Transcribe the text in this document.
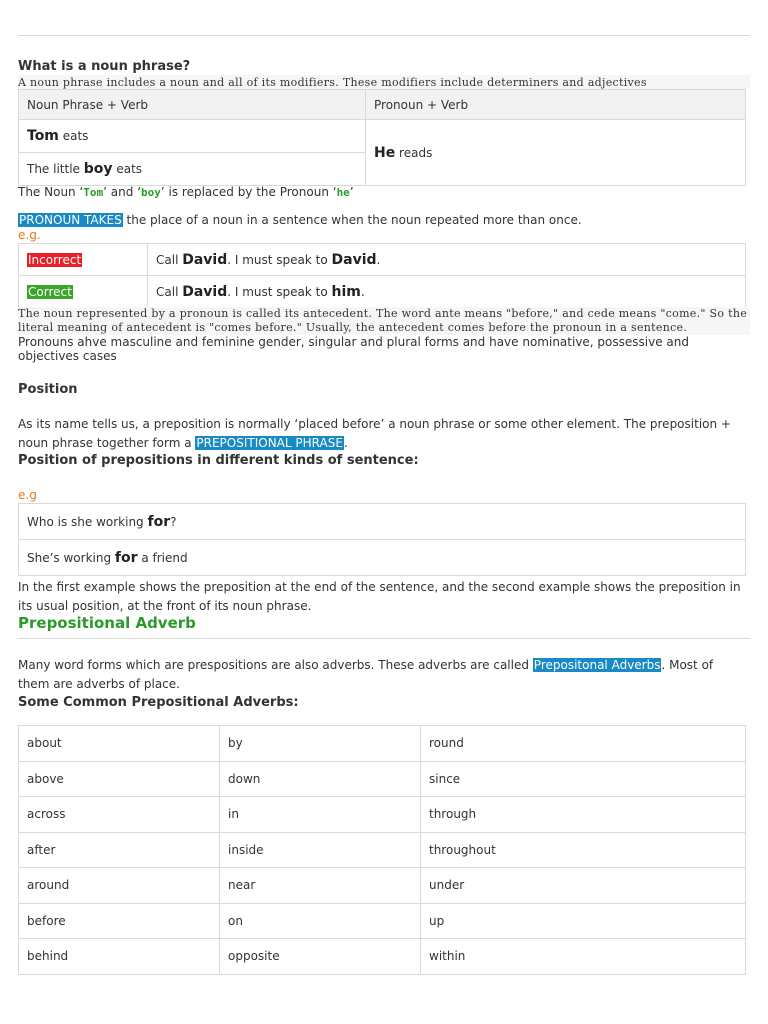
What is a noun phrase?
A noun phrase includes a noun and all of its modifiers. These modifiers include determiners and adjectives
Noun Phrase + Verb	Pronoun + Verb
Tom eats	He reads
The little boy eats	

The Noun ‘Tom’ and ‘boy’ is replaced by the Pronoun ‘he’

PRONOUN TAKES the place of a noun in a sentence when the noun repeated more than once.

e.g.

Incorrect	Call David. I must speak to David.
Correct	Call David. I must speak to him.
The noun represented by a pronoun is called its antecedent. The word ante means "before," and cede means "come." So the literal meaning of antecedent is "comes before." Usually, the antecedent comes before the pronoun in a sentence.

Pronouns ahve masculine and feminine gender, singular and plural forms and have nominative, possessive and objectives cases

Position

As its name tells us, a preposition is normally ‘placed before’ a noun phrase or some other element. The preposition + noun phrase together form a PREPOSITIONAL PHRASE.

Position of prepositions in different kinds of sentence:

e.g

Who is she working for?
She’s working for a friend

In the first example shows the preposition at the end of the sentence, and the second example shows the preposition in its usual position, at the front of its noun phrase.

Prepositional Adverb

Many word forms which are prespositions are also adverbs. These adverbs are called Prepositonal Adverbs. Most of them are adverbs of place.

Some Common Prepositional Adverbs:
about	by	round
above	down	since
across	in	through
after	inside	throughout
around	near	under
before	on	up
behind	opposite	within
